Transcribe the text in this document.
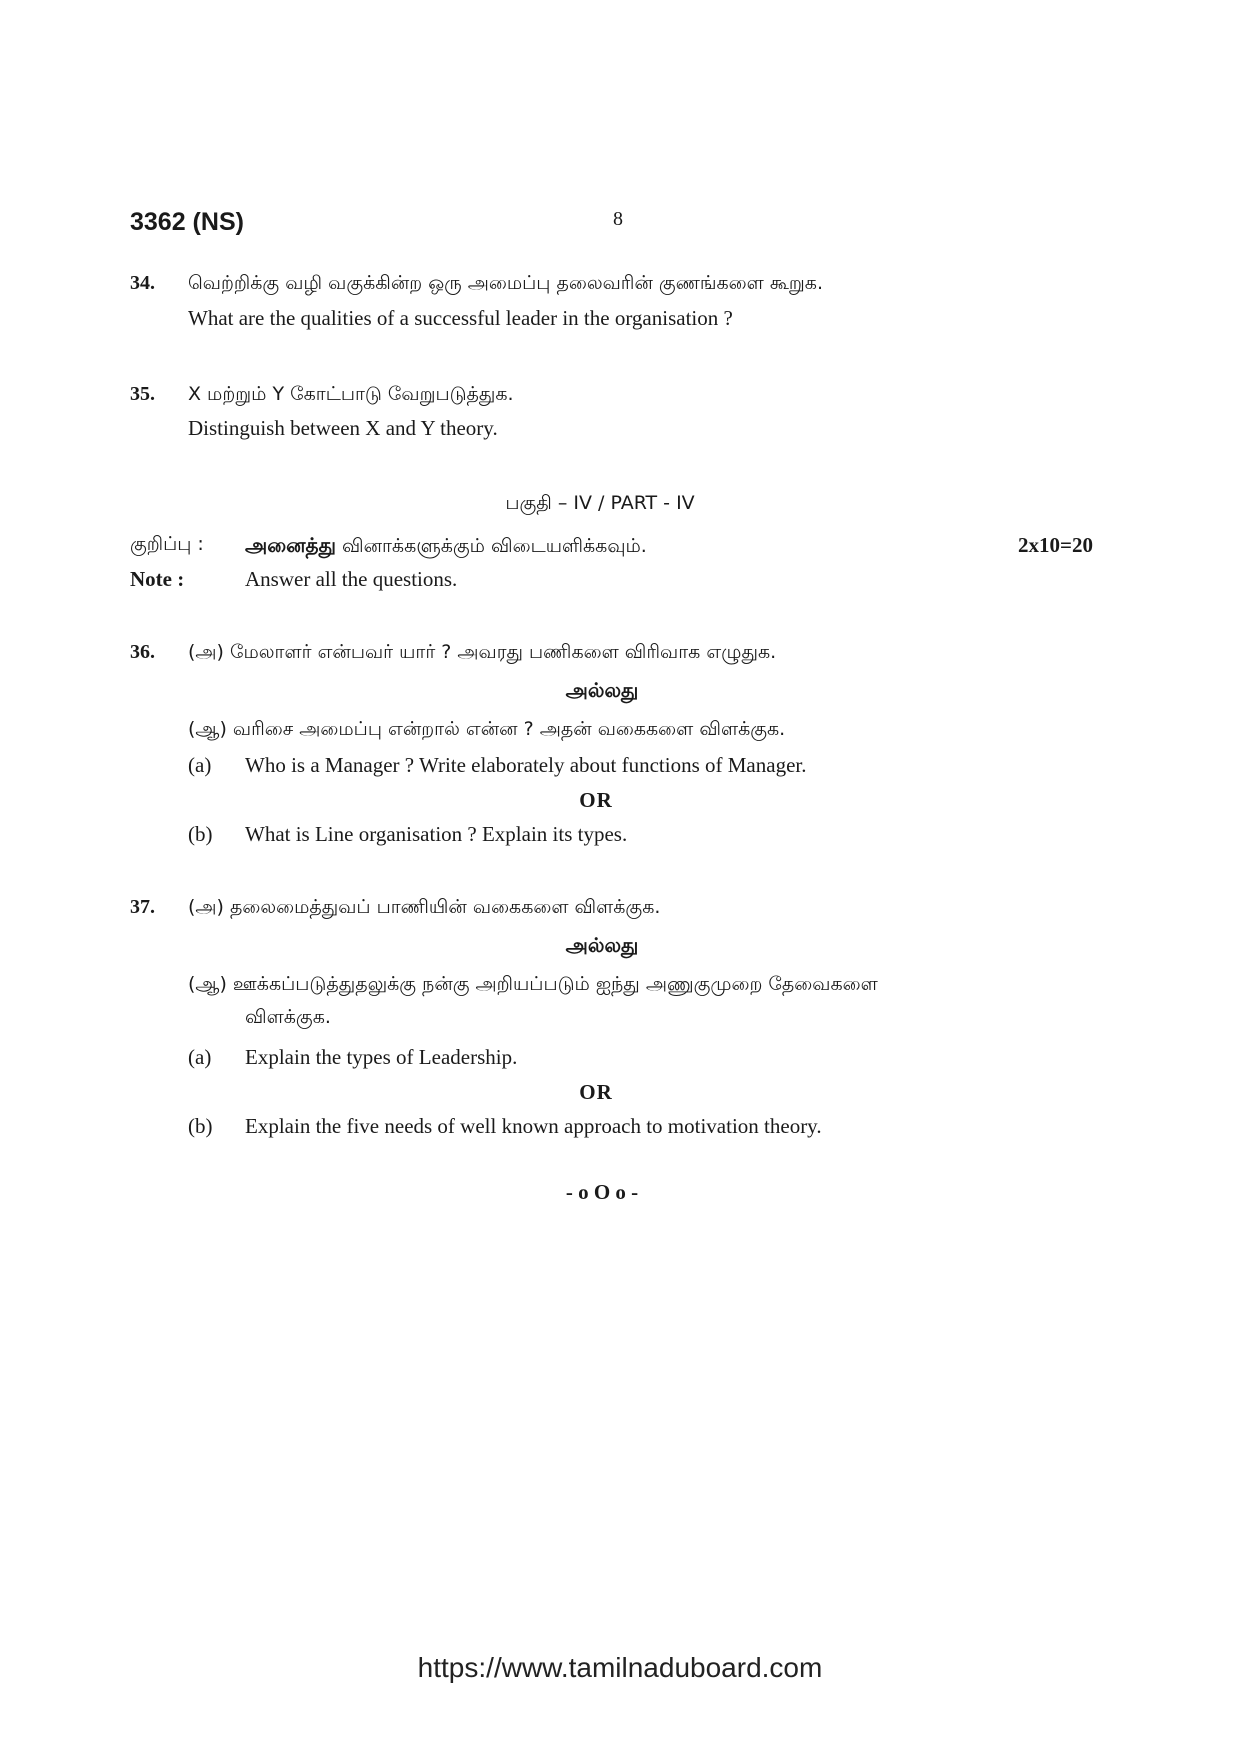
3362 (NS)	8
34. வெற்றிக்கு வழி வகுக்கின்ற ஒரு அமைப்பு தலைவரின் குணங்களை கூறுக.
What are the qualities of a successful leader in the organisation ?
35. X மற்றும் Y கோட்பாடு வேறுபடுத்துக.
Distinguish between X and Y theory.
பகுதி – IV / PART - IV
குறிப்பு : அனைத்து வினாக்களுக்கும் விடையளிக்கவும்.	2x10=20
Note :	Answer all the questions.
36. (அ) மேலாளர் என்பவர் யார் ? அவரது பணிகளை விரிவாக எழுதுக.
அல்லது
(ஆ) வரிசை அமைப்பு என்றால் என்ன ? அதன் வகைகளை விளக்குக.
(a) Who is a Manager ? Write elaborately about functions of Manager.
OR
(b) What is Line organisation ? Explain its types.
37. (அ) தலைமைத்துவப் பாணியின் வகைகளை விளக்குக.
அல்லது
(ஆ) ஊக்கப்படுத்துதலுக்கு நன்கு அறியப்படும் ஐந்து அணுகுமுறை தேவைகளை
விளக்குக.
(a) Explain the types of Leadership.
OR
(b) Explain the five needs of well known approach to motivation theory.
- o O o -
https://www.tamilnaduboard.com
